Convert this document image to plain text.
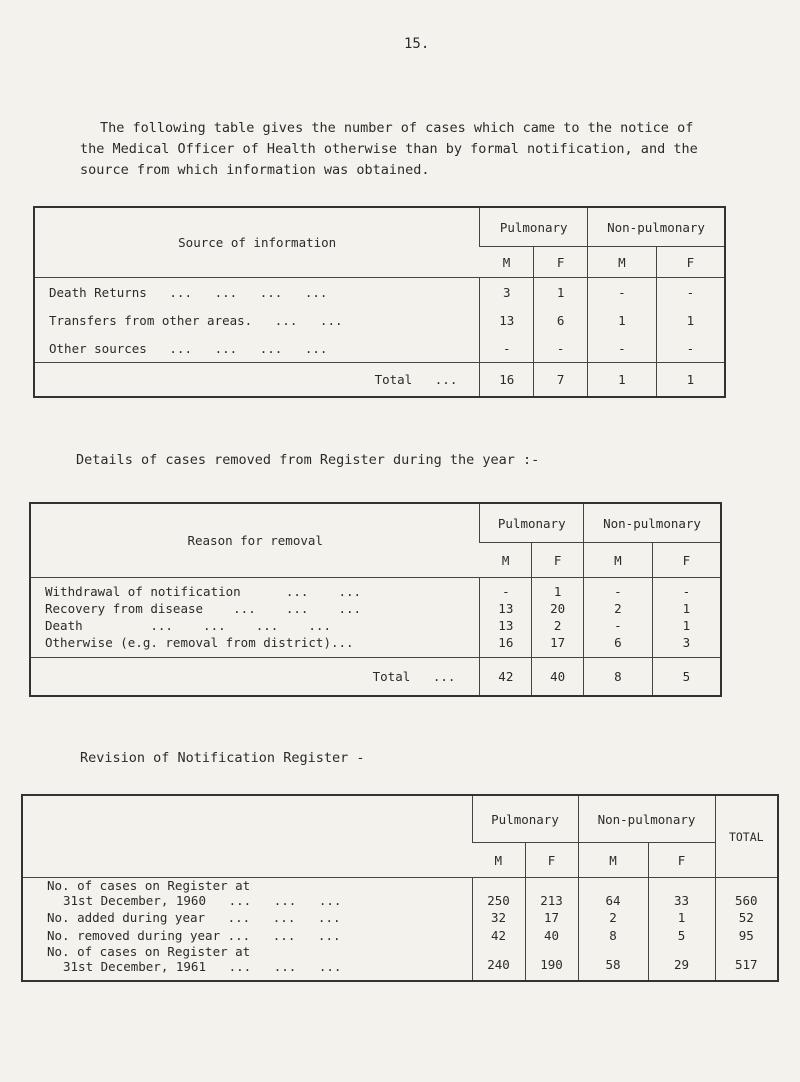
15.
The following table gives the number of cases which came to the notice of
the Medical Officer of Health otherwise than by formal notification, and the
source from which information was obtained.
Source of information	Pulmonary		Non-pulmonary	
	M	F	M	F
Death Returns   ...   ...   ...   ...	3	1	-	-
Transfers from other areas.   ...   ...	13	6	1	1
Other sources   ...   ...   ...   ...	-	-	-	-
Total   ...	16	7	1	1
Details of cases removed from Register during the year :-
Reason for removal	Pulmonary		Non-pulmonary	
	M	F	M	F
Withdrawal of notification      ...    ...	-	1	-	-
Recovery from disease    ...    ...    ...	13	20	2	1
Death         ...    ...    ...    ...	13	2	-	1
Otherwise (e.g. removal from district)...	16	17	6	3
Total   ...	42	40	8	5
Revision of Notification Register -
	Pulmonary		Non-pulmonary		TOTAL
	M	F	M	F	

No. of cases on Register at
31st December, 1960   ...   ...   ...	250	213	64	33	560
No. added during year   ...   ...   ...	32	17	2	1	52
No. removed during year ...   ...   ...	42	40	8	5	95

No. of cases on Register at
31st December, 1961   ...   ...   ...	240	190	58	29	517
